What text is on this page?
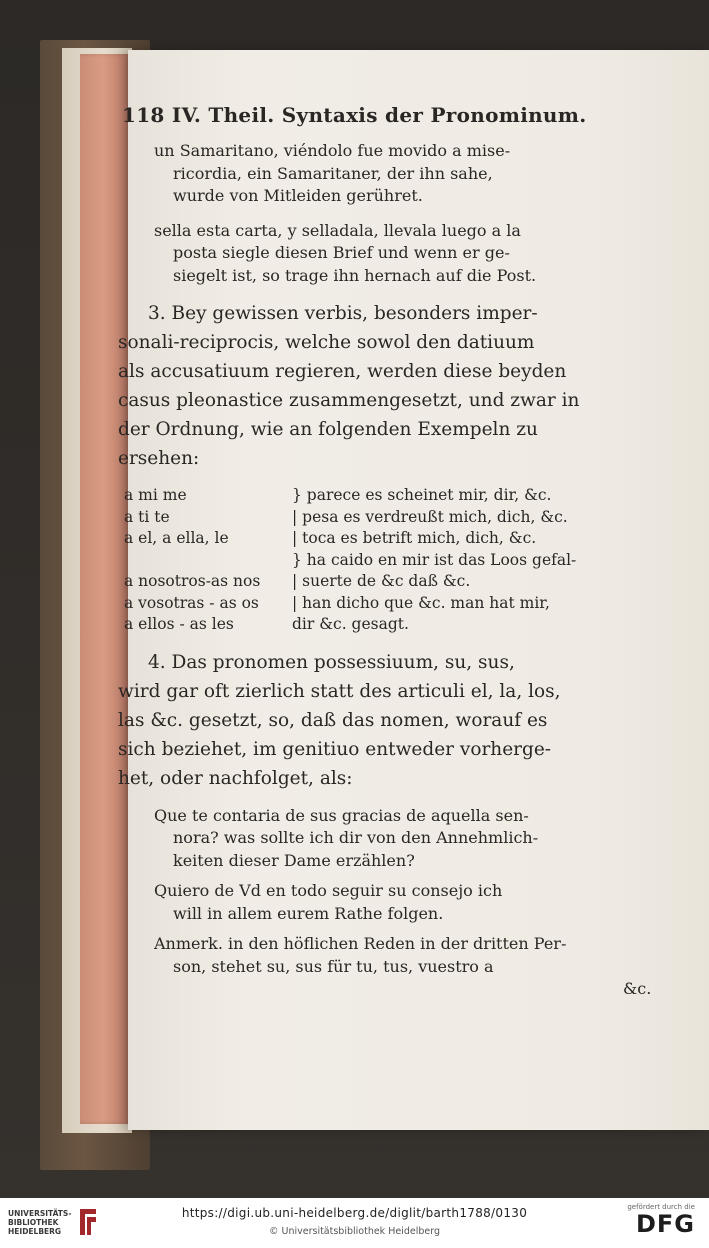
118 IV. Theil. Syntaxis der Pronominum.
un Samaritano, viéndolo fue movido a mise-
ricordia, ein Samaritaner, der ihn sahe,
wurde von Mitleiden gerühret.
sella esta carta, y selladala, llevala luego a la
posta siegle diesen Brief und wenn er ge-
siegelt ist, so trage ihn hernach auf die Post.
3. Bey gewissen verbis, besonders imper-
sonali-reciprocis, welche sowol den datiuum
als accusatiuum regieren, werden diese beyden
casus pleonastice zusammengesetzt, und zwar in
der Ordnung, wie an folgenden Exempeln zu
ersehen:
a mi me	} parece es scheinet mir, dir, &c.
a ti te	| pesa es verdreußt mich, dich, &c.
a el, a ella, le	| toca es betrift mich, dich, &c.
} ha caido en mir ist das Loos gefal-
a nosotros-as nos	| suerte de &c daß &c.
a vosotras - as os	| han dicho que &c. man hat mir,
a ellos - as les	dir &c. gesagt.
4. Das pronomen possessiuum, su, sus,
wird gar oft zierlich statt des articuli el, la, los,
las &c. gesetzt, so, daß das nomen, worauf es
sich beziehet, im genitiuo entweder vorherge-
het, oder nachfolget, als:
Que te contaria de sus gracias de aquella sen-
nora? was sollte ich dir von den Annehmlich-
keiten dieser Dame erzählen?
Quiero de Vd en todo seguir su consejo ich
will in allem eurem Rathe folgen.
Anmerk. in den höflichen Reden in der dritten Per-
son, stehet su, sus für tu, tus, vuestro a
&c.
UNIVERSITÄTS-
BIBLIOTHEK
HEIDELBERG
https://digi.ub.uni-heidelberg.de/diglit/barth1788/0130
© Universitätsbibliothek Heidelberg
gefördert durch die
DFG
